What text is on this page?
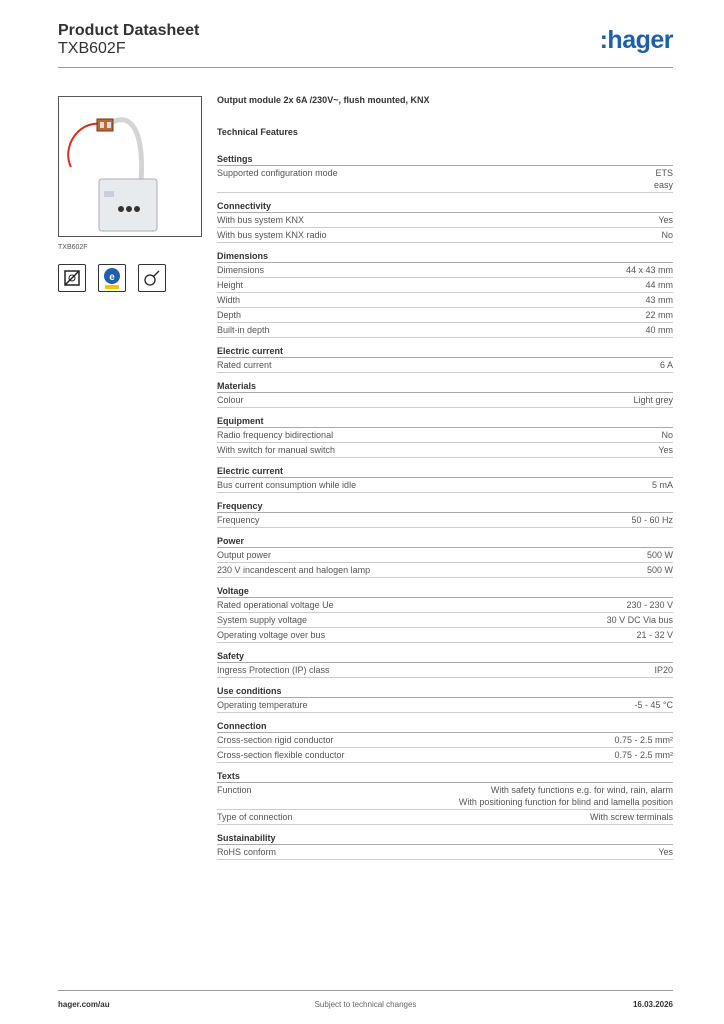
Product Datasheet
TXB602F	:hager
TXB602F
e
Output module 2x 6A /230V~, flush mounted, KNX
Technical Features
Settings
Supported configuration mode	ETS
easy
Connectivity
With bus system KNX	Yes
With bus system KNX radio	No
Dimensions
Dimensions	44 x 43 mm
Height	44 mm
Width	43 mm
Depth	22 mm
Built-in depth	40 mm
Electric current
Rated current	6 A
Materials
Colour	Light grey
Equipment
Radio frequency bidirectional	No
With switch for manual switch	Yes
Electric current
Bus current consumption while idle	5 mA
Frequency
Frequency	50 - 60 Hz
Power
Output power	500 W
230 V incandescent and halogen lamp	500 W
Voltage
Rated operational voltage Ue	230 - 230 V
System supply voltage	30 V DC Via bus
Operating voltage over bus	21 - 32 V
Safety
Ingress Protection (IP) class	IP20
Use conditions
Operating temperature	-5 - 45 °C
Connection
Cross-section rigid conductor	0.75 - 2.5 mm²
Cross-section flexible conductor	0.75 - 2.5 mm²
Texts
Function	With safety functions e.g. for wind, rain, alarm
With positioning function for blind and lamella position
Type of connection	With screw terminals
Sustainability
RoHS conform	Yes
hager.com/au	Subject to technical changes	16.03.2026
